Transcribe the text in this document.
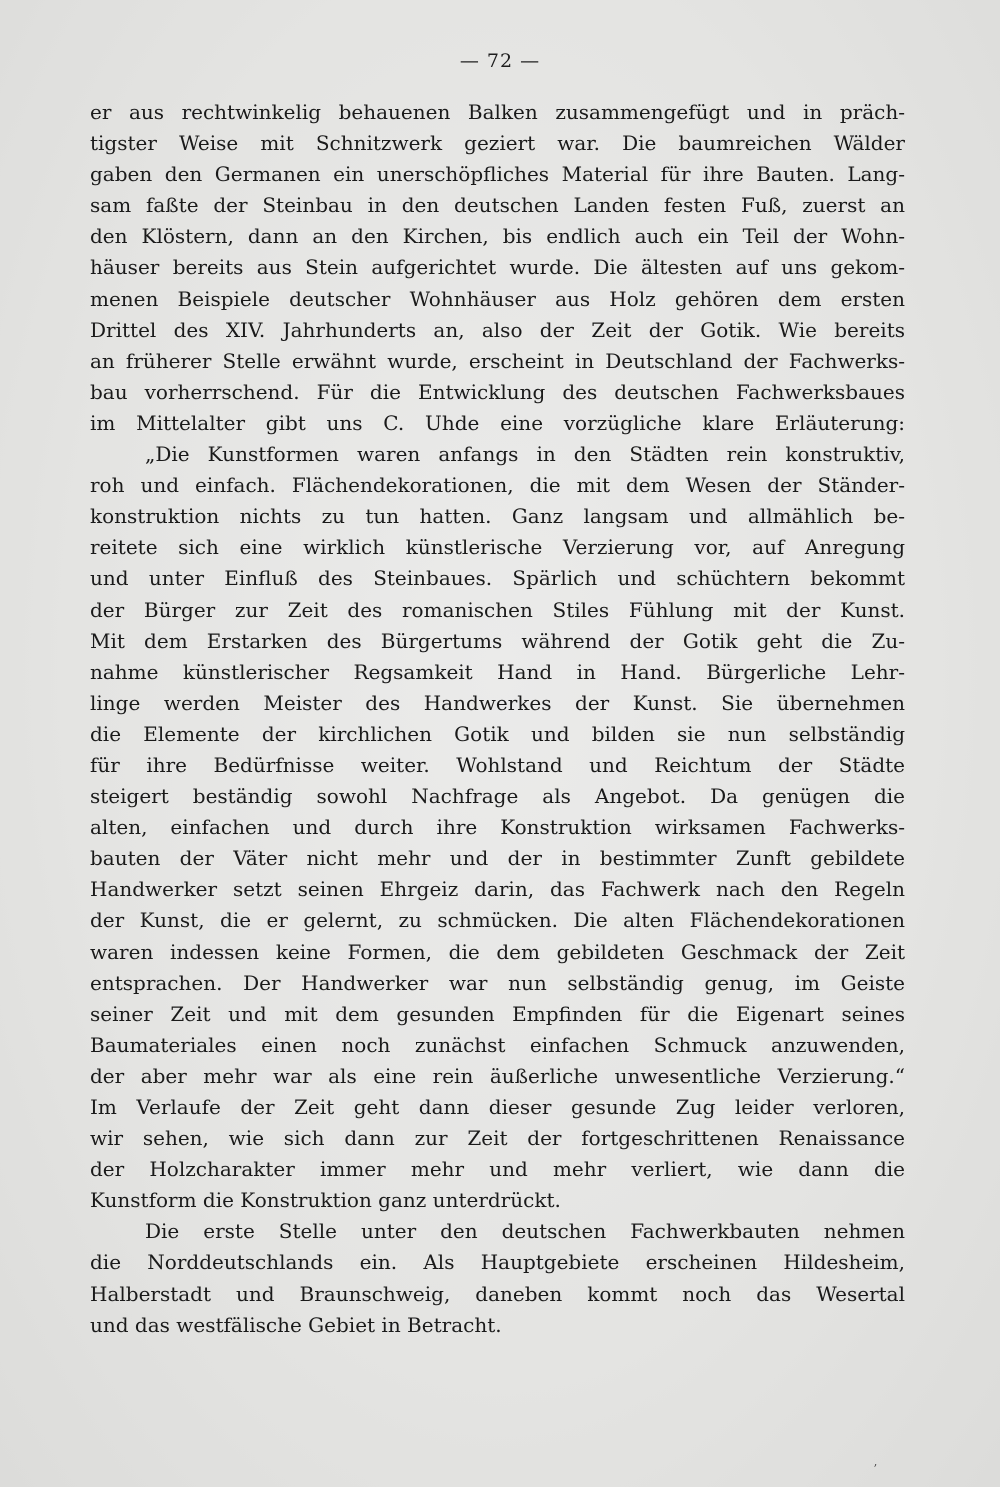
— 72 —
er aus rechtwinkelig behauenen Balken zusammengefügt und in präch‐
tigster Weise mit Schnitzwerk geziert war. Die baumreichen Wälder
gaben den Germanen ein unerschöpfliches Material für ihre Bauten. Lang‐
sam faßte der Steinbau in den deutschen Landen festen Fuß, zuerst an
den Klöstern, dann an den Kirchen, bis endlich auch ein Teil der Wohn‐
häuser bereits aus Stein aufgerichtet wurde. Die ältesten auf uns gekom‐
menen Beispiele deutscher Wohnhäuser aus Holz gehören dem ersten
Drittel des XIV. Jahrhunderts an, also der Zeit der Gotik. Wie bereits
an früherer Stelle erwähnt wurde, erscheint in Deutschland der Fachwerks‐
bau vorherrschend. Für die Entwicklung des deutschen Fachwerksbaues
im Mittelalter gibt uns C. Uhde eine vorzügliche klare Erläuterung:
„Die Kunstformen waren anfangs in den Städten rein konstruktiv,
roh und einfach. Flächendekorationen, die mit dem Wesen der Ständer‐
konstruktion nichts zu tun hatten. Ganz langsam und allmählich be‐
reitete sich eine wirklich künstlerische Verzierung vor, auf Anregung
und unter Einfluß des Steinbaues. Spärlich und schüchtern bekommt
der Bürger zur Zeit des romanischen Stiles Fühlung mit der Kunst.
Mit dem Erstarken des Bürgertums während der Gotik geht die Zu‐
nahme künstlerischer Regsamkeit Hand in Hand. Bürgerliche Lehr‐
linge werden Meister des Handwerkes der Kunst. Sie übernehmen
die Elemente der kirchlichen Gotik und bilden sie nun selbständig
für ihre Bedürfnisse weiter. Wohlstand und Reichtum der Städte
steigert beständig sowohl Nachfrage als Angebot. Da genügen die
alten, einfachen und durch ihre Konstruktion wirksamen Fachwerks‐
bauten der Väter nicht mehr und der in bestimmter Zunft gebildete
Handwerker setzt seinen Ehrgeiz darin, das Fachwerk nach den Regeln
der Kunst, die er gelernt, zu schmücken. Die alten Flächendekorationen
waren indessen keine Formen, die dem gebildeten Geschmack der Zeit
entsprachen. Der Handwerker war nun selbständig genug, im Geiste
seiner Zeit und mit dem gesunden Empfinden für die Eigenart seines
Baumateriales einen noch zunächst einfachen Schmuck anzuwenden,
der aber mehr war als eine rein äußerliche unwesentliche Verzierung.“
Im Verlaufe der Zeit geht dann dieser gesunde Zug leider verloren,
wir sehen, wie sich dann zur Zeit der fortgeschrittenen Renaissance
der Holzcharakter immer mehr und mehr verliert, wie dann die
Kunstform die Konstruktion ganz unterdrückt.
Die erste Stelle unter den deutschen Fachwerkbauten nehmen
die Norddeutschlands ein. Als Hauptgebiete erscheinen Hildesheim,
Halberstadt und Braunschweig, daneben kommt noch das Wesertal
und das westfälische Gebiet in Betracht.
ʼ
